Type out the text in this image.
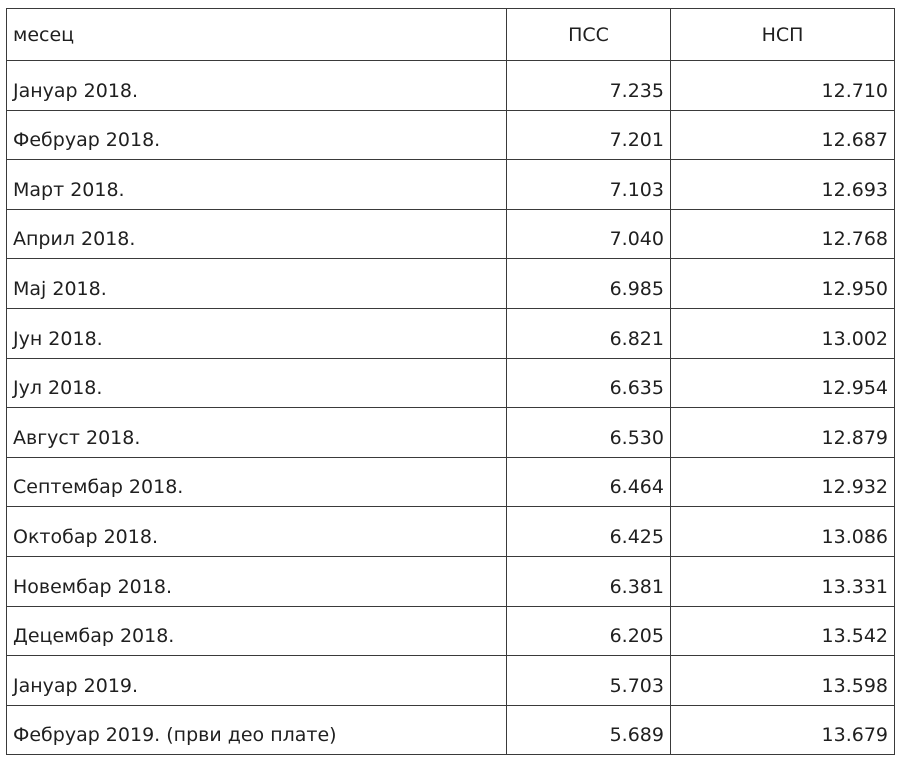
месец	ПСС	НСП
Јануар 2018.	7.235	12.710
Фебруар 2018.	7.201	12.687
Март 2018.	7.103	12.693
Април 2018.	7.040	12.768
Мај 2018.	6.985	12.950
Јун 2018.	6.821	13.002
Јул 2018.	6.635	12.954
Август 2018.	6.530	12.879
Септембар 2018.	6.464	12.932
Октобар 2018.	6.425	13.086
Новембар 2018.	6.381	13.331
Децембар 2018.	6.205	13.542
Јануар 2019.	5.703	13.598
Фебруар 2019. (први део плате)	5.689	13.679
